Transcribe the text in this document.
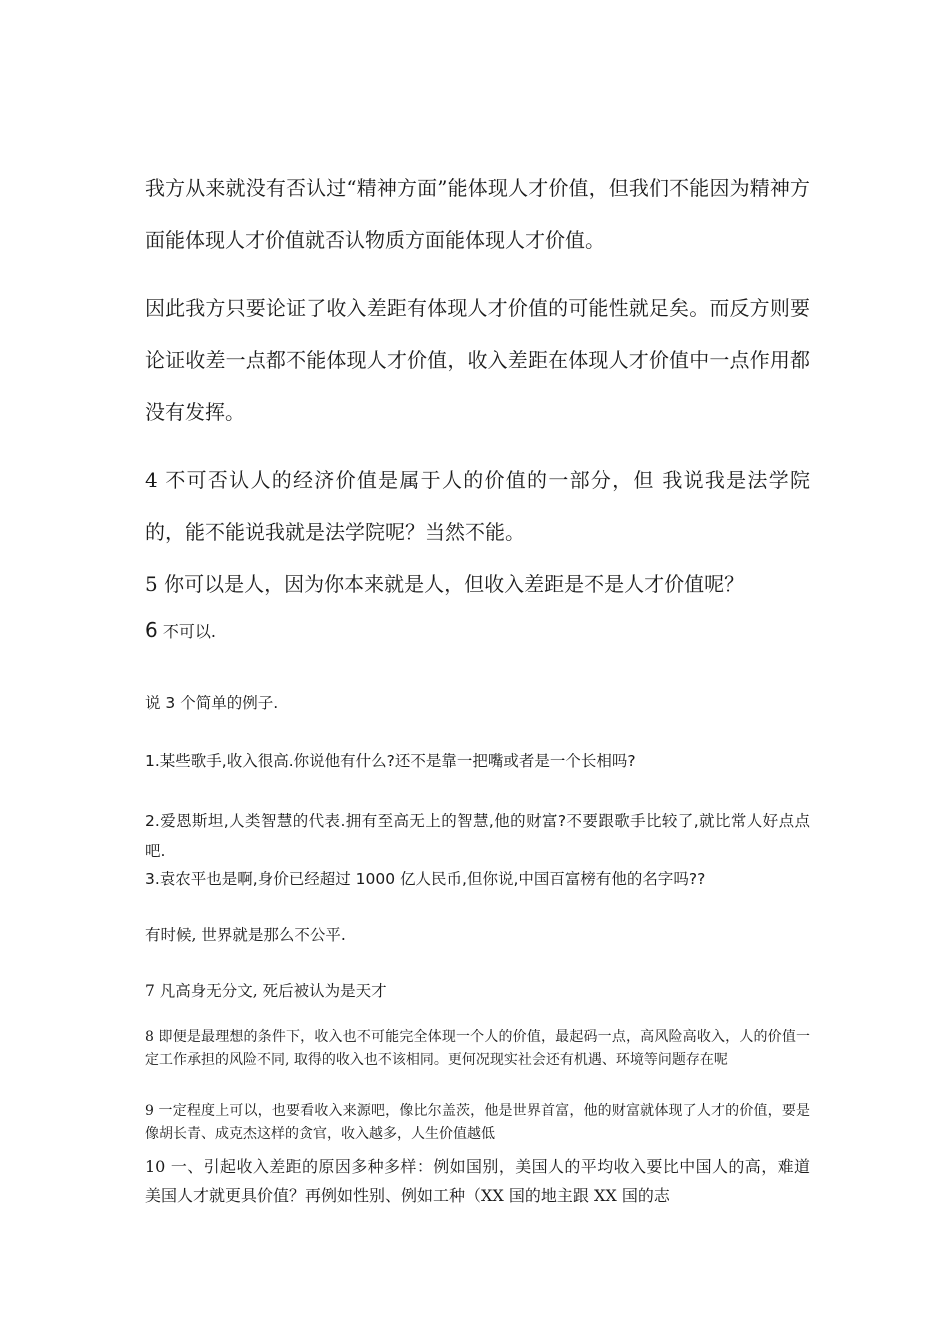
我方从来就没有否认过“精神方面”能体现人才价值，但我们不能因为精神方面能体现人才价值就否认物质方面能体现人才价值。

因此我方只要论证了收入差距有体现人才价值的可能性就足矣。而反方则要论证收差一点都不能体现人才价值，收入差距在体现人才价值中一点作用都没有发挥。

4 不可否认人的经济价值是属于人的价值的一部分，但 我说我是法学院的，能不能说我就是法学院呢？当然不能。

5 你可以是人，因为你本来就是人，但收入差距是不是人才价值呢？

6 不可以.

说 3 个简单的例子.

1.某些歌手,收入很高.你说他有什么?还不是靠一把嘴或者是一个长相吗?

2.爱恩斯坦,人类智慧的代表.拥有至高无上的智慧,他的财富?不要跟歌手比较了,就比常人好点点吧.

3.袁农平也是啊,身价已经超过 1000 亿人民币,但你说,中国百富榜有他的名字吗??

有时候, 世界就是那么不公平.

7 凡高身无分文, 死后被认为是天才

8 即便是最理想的条件下，收入也不可能完全体现一个人的价值，最起码一点，高风险高收入，人的价值一定工作承担的风险不同, 取得的收入也不该相同。更何况现实社会还有机遇、环境等问题存在呢

9 一定程度上可以，也要看收入来源吧，像比尔盖茨，他是世界首富，他的财富就体现了人才的价值，要是像胡长青、成克杰这样的贪官，收入越多，人生价值越低

10 一、引起收入差距的原因多种多样：例如国别，美国人的平均收入要比中国人的高，难道美国人才就更具价值？再例如性别、例如工种（XX 国的地主跟 XX 国的志
